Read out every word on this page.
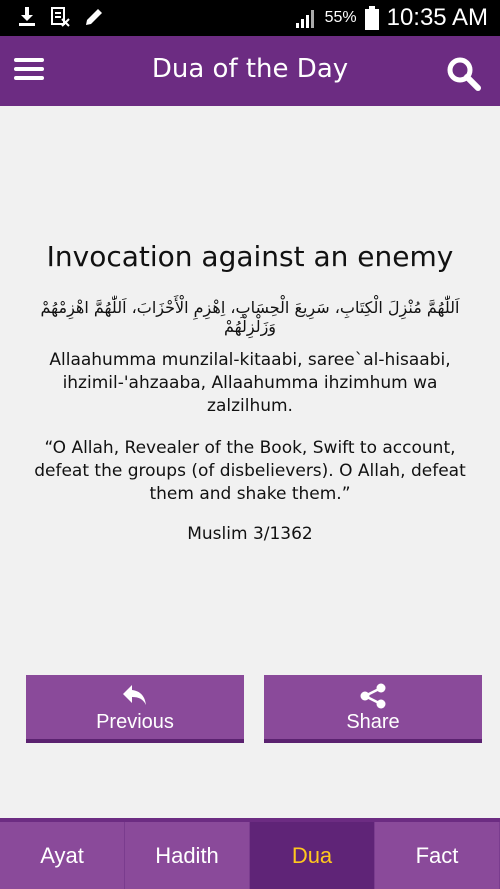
55% 10:35 AM
Dua of the Day
Invocation against an enemy
اَللّٰهُمَّ مُنْزِلَ الْكِتَابِ، سَرِيعَ الْحِسَابِ، اِهْزِمِ الْأَحْزَابَ، اَللّٰهُمَّ اهْزِمْهُمْ وَزَلْزِلْهُمْ
Allaahumma munzilal-kitaabi, saree`al-hisaabi, ihzimil-'ahzaaba, Allaahumma ihzimhum wa zalzilhum.
“O Allah, Revealer of the Book, Swift to account, defeat the groups (of disbelievers). O Allah, defeat them and shake them.”
Muslim 3/1362
Previous	Share
Ayat	Hadith	Dua	Fact
